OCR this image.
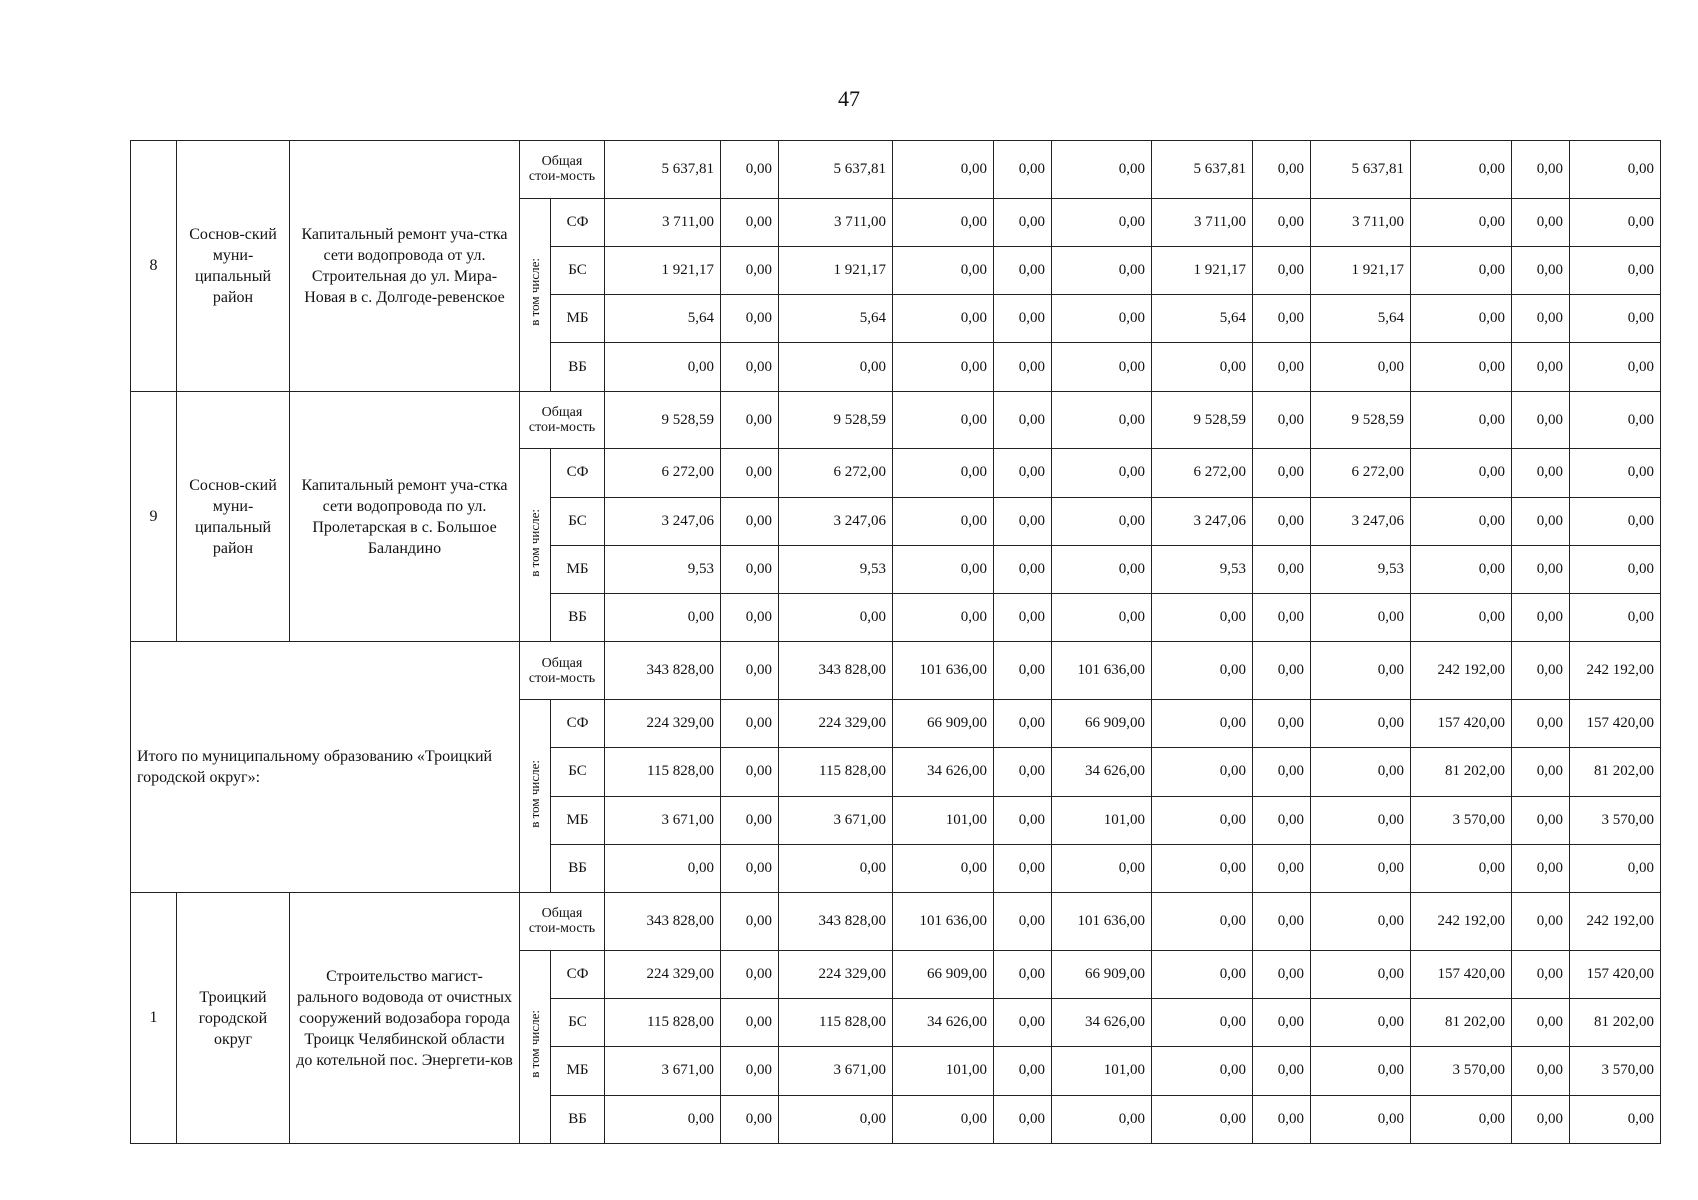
47
8	Соснов-ский муни-ципальный район	Капитальный ремонт уча-стка сети водопровода от ул. Строительная до ул. Мира-Новая в с. Долгоде-ревенское	Общая стои-мость		5 637,81	0,00	5 637,81	0,00	0,00	0,00	5 637,81	0,00	5 637,81	0,00	0,00	0,00
			в том числе:	СФ	3 711,00	0,00	3 711,00	0,00	0,00	0,00	3 711,00	0,00	3 711,00	0,00	0,00	0,00
				БС	1 921,17	0,00	1 921,17	0,00	0,00	0,00	1 921,17	0,00	1 921,17	0,00	0,00	0,00
				МБ	5,64	0,00	5,64	0,00	0,00	0,00	5,64	0,00	5,64	0,00	0,00	0,00
				ВБ	0,00	0,00	0,00	0,00	0,00	0,00	0,00	0,00	0,00	0,00	0,00	0,00
9	Соснов-ский муни-ципальный район	Капитальный ремонт уча-стка сети водопровода по ул. Пролетарская в с. Большое Баландино	Общая стои-мость		9 528,59	0,00	9 528,59	0,00	0,00	0,00	9 528,59	0,00	9 528,59	0,00	0,00	0,00
			в том числе:	СФ	6 272,00	0,00	6 272,00	0,00	0,00	0,00	6 272,00	0,00	6 272,00	0,00	0,00	0,00
				БС	3 247,06	0,00	3 247,06	0,00	0,00	0,00	3 247,06	0,00	3 247,06	0,00	0,00	0,00
				МБ	9,53	0,00	9,53	0,00	0,00	0,00	9,53	0,00	9,53	0,00	0,00	0,00
				ВБ	0,00	0,00	0,00	0,00	0,00	0,00	0,00	0,00	0,00	0,00	0,00	0,00
Итого по муниципальному образованию «Троицкий городской округ»:			Общая стои-мость		343 828,00	0,00	343 828,00	101 636,00	0,00	101 636,00	0,00	0,00	0,00	242 192,00	0,00	242 192,00
			в том числе:	СФ	224 329,00	0,00	224 329,00	66 909,00	0,00	66 909,00	0,00	0,00	0,00	157 420,00	0,00	157 420,00
				БС	115 828,00	0,00	115 828,00	34 626,00	0,00	34 626,00	0,00	0,00	0,00	81 202,00	0,00	81 202,00
				МБ	3 671,00	0,00	3 671,00	101,00	0,00	101,00	0,00	0,00	0,00	3 570,00	0,00	3 570,00
				ВБ	0,00	0,00	0,00	0,00	0,00	0,00	0,00	0,00	0,00	0,00	0,00	0,00
1	Троицкий городской округ	Строительство магист-рального водовода от очистных сооружений водозабора города Троицк Челябинской области до котельной пос. Энергети-ков	Общая стои-мость		343 828,00	0,00	343 828,00	101 636,00	0,00	101 636,00	0,00	0,00	0,00	242 192,00	0,00	242 192,00
			в том числе:	СФ	224 329,00	0,00	224 329,00	66 909,00	0,00	66 909,00	0,00	0,00	0,00	157 420,00	0,00	157 420,00
				БС	115 828,00	0,00	115 828,00	34 626,00	0,00	34 626,00	0,00	0,00	0,00	81 202,00	0,00	81 202,00
				МБ	3 671,00	0,00	3 671,00	101,00	0,00	101,00	0,00	0,00	0,00	3 570,00	0,00	3 570,00
				ВБ	0,00	0,00	0,00	0,00	0,00	0,00	0,00	0,00	0,00	0,00	0,00	0,00
